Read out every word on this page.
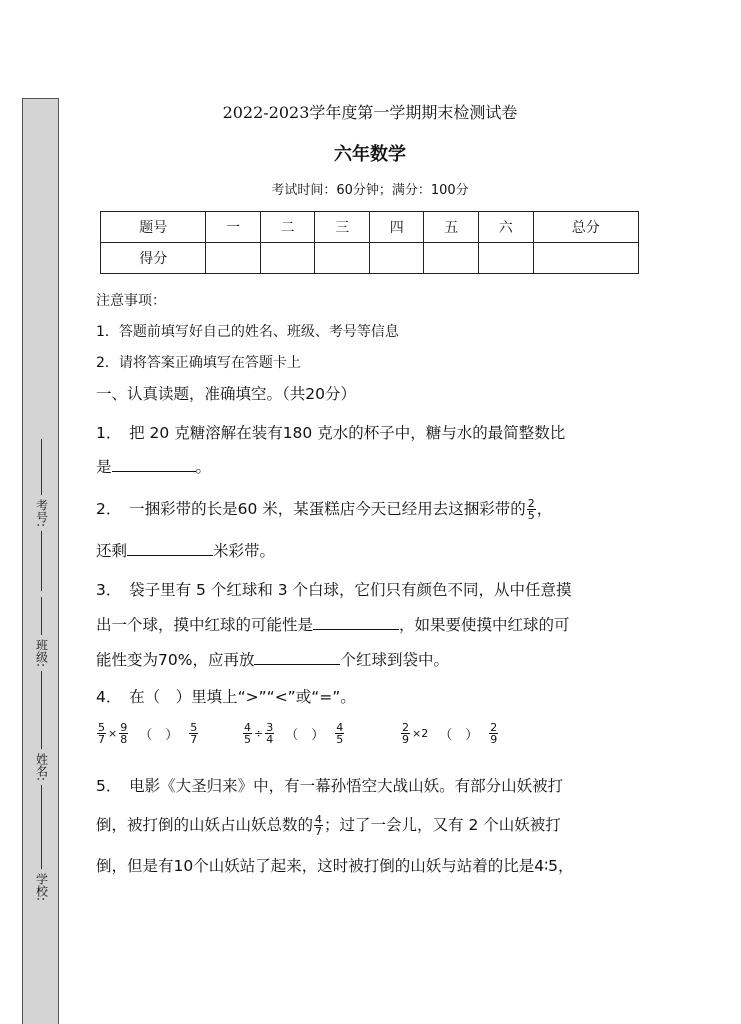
考号:
班级:
姓名:
学校:
2022-2023学年度第一学期期末检测试卷
六年数学
考试时间：60分钟；满分：100分
题号	一	二	三	四	五	六	总分
得分							
注意事项：
1．答题前填写好自己的姓名、班级、考号等信息
2．请将答案正确填写在答题卡上
一、认真读题，准确填空。（共20分）
1．　把 20 克糖溶解在装有180 克水的杯子中，糖与水的最简整数比
是	。
2．　一捆彩带的长是60 米，某蛋糕店今天已经用去这捆彩带的 $\frac{2}{5}$ ，
还剩	米彩带。
3．　袋子里有 5 个红球和 3 个白球，它们只有颜色不同，从中任意摸
出一个球，摸中红球的可能性是	，如果要使摸中红球的可
能性变为70%，应再放	个红球到袋中。
4．　在（　）里填上“>”“<”或“=”。
$\frac{5}{7} \times \frac{9}{8}$ （　） $\frac{5}{7}$	$\frac{4}{5} \div \frac{3}{4}$ （　） $\frac{4}{5}$	$\frac{2}{9} \times 2$ （　） $\frac{2}{9}$
5．　电影《大圣归来》中，有一幕孙悟空大战山妖。有部分山妖被打
倒，被打倒的山妖占山妖总数的 $\frac{4}{7}$ ；过了一会儿，又有 2 个山妖被打
倒，但是有10个山妖站了起来，这时被打倒的山妖与站着的比是4∶5，
